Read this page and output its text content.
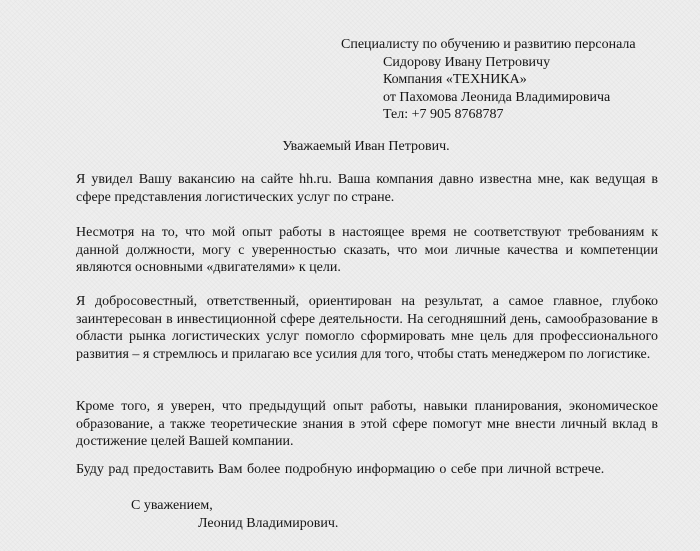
Специалисту по обучению и развитию персонала
Сидорову Ивану Петровичу
Компания «ТЕХНИКА»
от Пахомова Леонида Владимировича
Тел: +7 905 8768787
Уважаемый Иван Петрович.

Я увидел Вашу вакансию на сайте hh.ru. Ваша компания давно известна мне, как ведущая в сфере представления логистических услуг по стране.

Несмотря на то, что мой опыт работы в настоящее время не соответствуют требованиям к данной должности, могу с уверенностью сказать, что мои личные качества и компетенции являются основными «двигателями» к цели.

Я добросовестный, ответственный, ориентирован на результат, а самое главное, глубоко заинтересован в инвестиционной сфере деятельности. На сегодняшний день, самообразование в области рынка логистических услуг помогло сформировать мне цель для профессионального развития – я стремлюсь и прилагаю все усилия для того, чтобы стать менеджером по логистике.

Кроме того, я уверен, что предыдущий опыт работы, навыки планирования, экономическое образование, а также теоретические знания в этой сфере помогут мне внести личный вклад в достижение целей Вашей компании.

Буду рад предоставить Вам более подробную информацию о себе при личной встрече.
С уважением,
Леонид Владимирович.
